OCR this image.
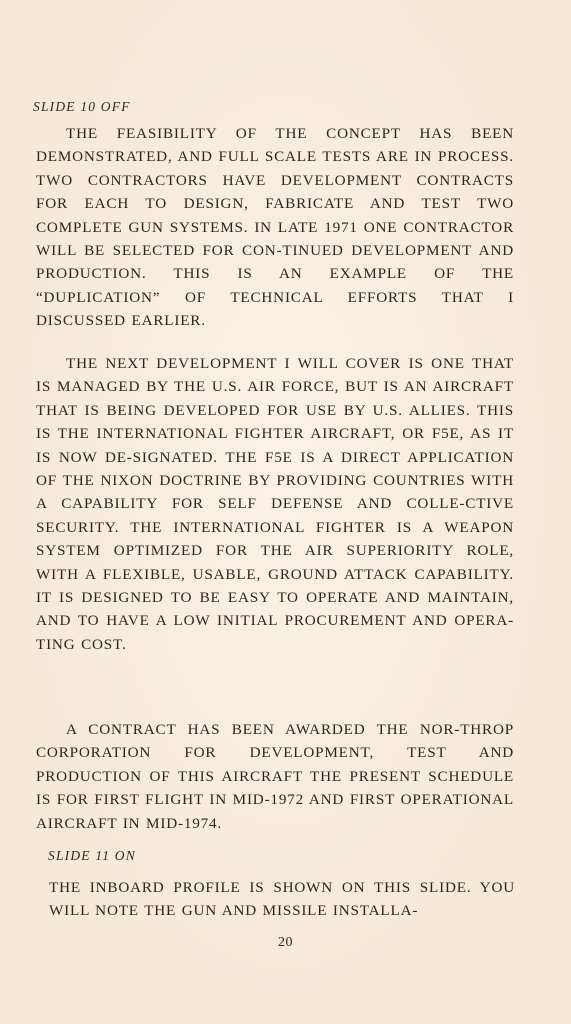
SLIDE 10 OFF

THE FEASIBILITY OF THE CONCEPT HAS BEEN DEMONSTRATED, AND FULL SCALE TESTS ARE IN PROCESS. TWO CONTRACTORS HAVE DEVELOPMENT CONTRACTS FOR EACH TO DESIGN, FABRICATE AND TEST TWO COMPLETE GUN SYSTEMS. IN LATE 1971 ONE CONTRACTOR WILL BE SELECTED FOR CON-TINUED DEVELOPMENT AND PRODUCTION. THIS IS AN EXAMPLE OF THE “DUPLICATION” OF TECHNICAL EFFORTS THAT I DISCUSSED EARLIER.

THE NEXT DEVELOPMENT I WILL COVER IS ONE THAT IS MANAGED BY THE U.S. AIR FORCE, BUT IS AN AIRCRAFT THAT IS BEING DEVELOPED FOR USE BY U.S. ALLIES. THIS IS THE INTERNATIONAL FIGHTER AIRCRAFT, OR F5E, AS IT IS NOW DE-SIGNATED. THE F5E IS A DIRECT APPLICATION OF THE NIXON DOCTRINE BY PROVIDING COUNTRIES WITH A CAPABILITY FOR SELF DEFENSE AND COLLE-CTIVE SECURITY. THE INTERNATIONAL FIGHTER IS A WEAPON SYSTEM OPTIMIZED FOR THE AIR SUPERIORITY ROLE, WITH A FLEXIBLE, USABLE, GROUND ATTACK CAPABILITY. IT IS DESIGNED TO BE EASY TO OPERATE AND MAINTAIN, AND TO HAVE A LOW INITIAL PROCUREMENT AND OPERA-TING COST.

A CONTRACT HAS BEEN AWARDED THE NOR-THROP CORPORATION FOR DEVELOPMENT, TEST AND PRODUCTION OF THIS AIRCRAFT THE PRESENT SCHEDULE IS FOR FIRST FLIGHT IN MID-1972 AND FIRST OPERATIONAL AIRCRAFT IN MID-1974.

SLIDE 11 ON

THE INBOARD PROFILE IS SHOWN ON THIS SLIDE. YOU WILL NOTE THE GUN AND MISSILE INSTALLA-

20
